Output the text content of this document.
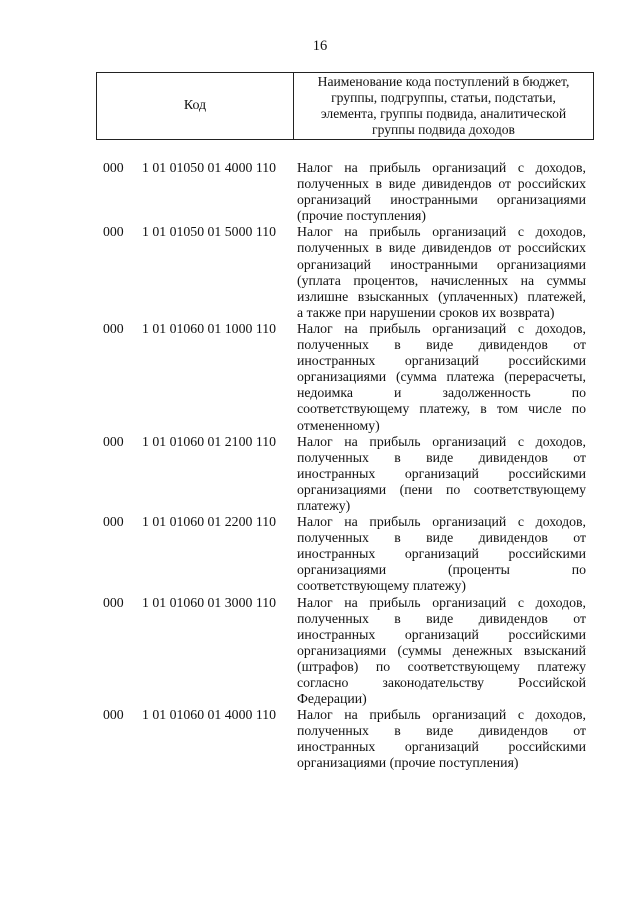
16
Код
Наименование кода поступлений в бюджет,
группы, подгруппы, статьи, подстатьи,
элемента, группы подвида, аналитической
группы подвида доходов
000 1 01 01050 01 4000 110 Налог на прибыль организаций с доходов,
полученных в виде дивидендов от российских
организаций иностранными организациями
(прочие поступления)
000 1 01 01050 01 5000 110 Налог на прибыль организаций с доходов,
полученных в виде дивидендов от российских
организаций иностранными организациями
(уплата процентов, начисленных на суммы
излишне взысканных (уплаченных) платежей,
а также при нарушении сроков их возврата)
000 1 01 01060 01 1000 110 Налог на прибыль организаций с доходов,
полученных в виде дивидендов от
иностранных организаций российскими
организациями (сумма платежа (перерасчеты,
недоимка и задолженность по
соответствующему платежу, в том числе по
отмененному)
000 1 01 01060 01 2100 110 Налог на прибыль организаций с доходов,
полученных в виде дивидендов от
иностранных организаций российскими
организациями (пени по соответствующему
платежу)
000 1 01 01060 01 2200 110 Налог на прибыль организаций с доходов,
полученных в виде дивидендов от
иностранных организаций российскими
организациями (проценты по
соответствующему платежу)
000 1 01 01060 01 3000 110 Налог на прибыль организаций с доходов,
полученных в виде дивидендов от
иностранных организаций российскими
организациями (суммы денежных взысканий
(штрафов) по соответствующему платежу
согласно законодательству Российской
Федерации)
000 1 01 01060 01 4000 110 Налог на прибыль организаций с доходов,
полученных в виде дивидендов от
иностранных организаций российскими
организациями (прочие поступления)
